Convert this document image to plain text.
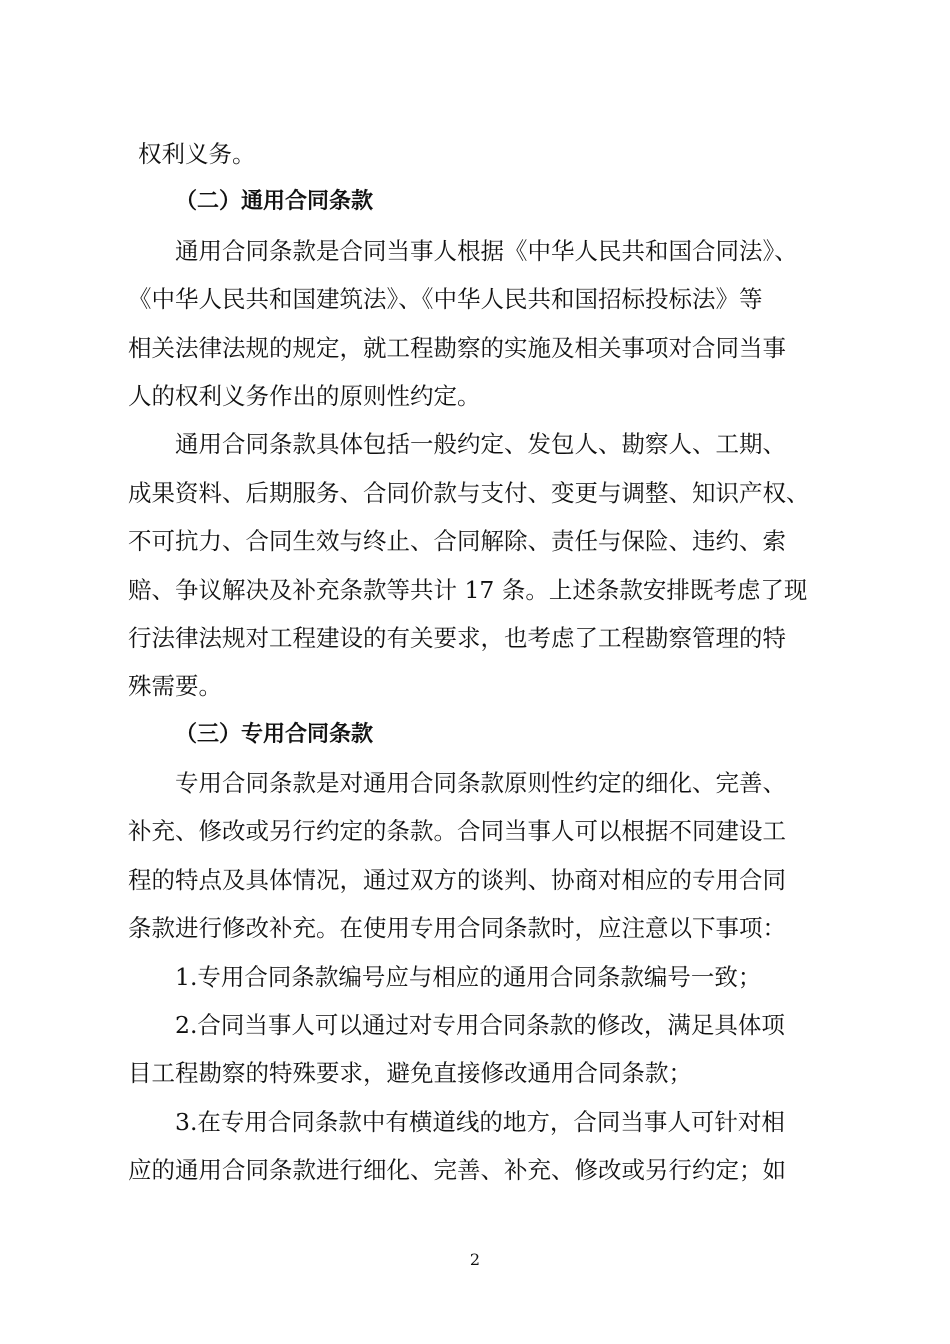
权利义务。
（二）通用合同条款
通用合同条款是合同当事人根据《中华人民共和国合同法》、
《中华人民共和国建筑法》、《中华人民共和国招标投标法》等
相关法律法规的规定，就工程勘察的实施及相关事项对合同当事
人的权利义务作出的原则性约定。
通用合同条款具体包括一般约定、发包人、勘察人、工期、
成果资料、后期服务、合同价款与支付、变更与调整、知识产权、
不可抗力、合同生效与终止、合同解除、责任与保险、违约、索
赔、争议解决及补充条款等共计 17 条。上述条款安排既考虑了现
行法律法规对工程建设的有关要求，也考虑了工程勘察管理的特
殊需要。
（三）专用合同条款
专用合同条款是对通用合同条款原则性约定的细化、完善、
补充、修改或另行约定的条款。合同当事人可以根据不同建设工
程的特点及具体情况，通过双方的谈判、协商对相应的专用合同
条款进行修改补充。在使用专用合同条款时，应注意以下事项：
1.专用合同条款编号应与相应的通用合同条款编号一致；
2.合同当事人可以通过对专用合同条款的修改，满足具体项
目工程勘察的特殊要求，避免直接修改通用合同条款；
3.在专用合同条款中有横道线的地方，合同当事人可针对相
应的通用合同条款进行细化、完善、补充、修改或另行约定；如
2
